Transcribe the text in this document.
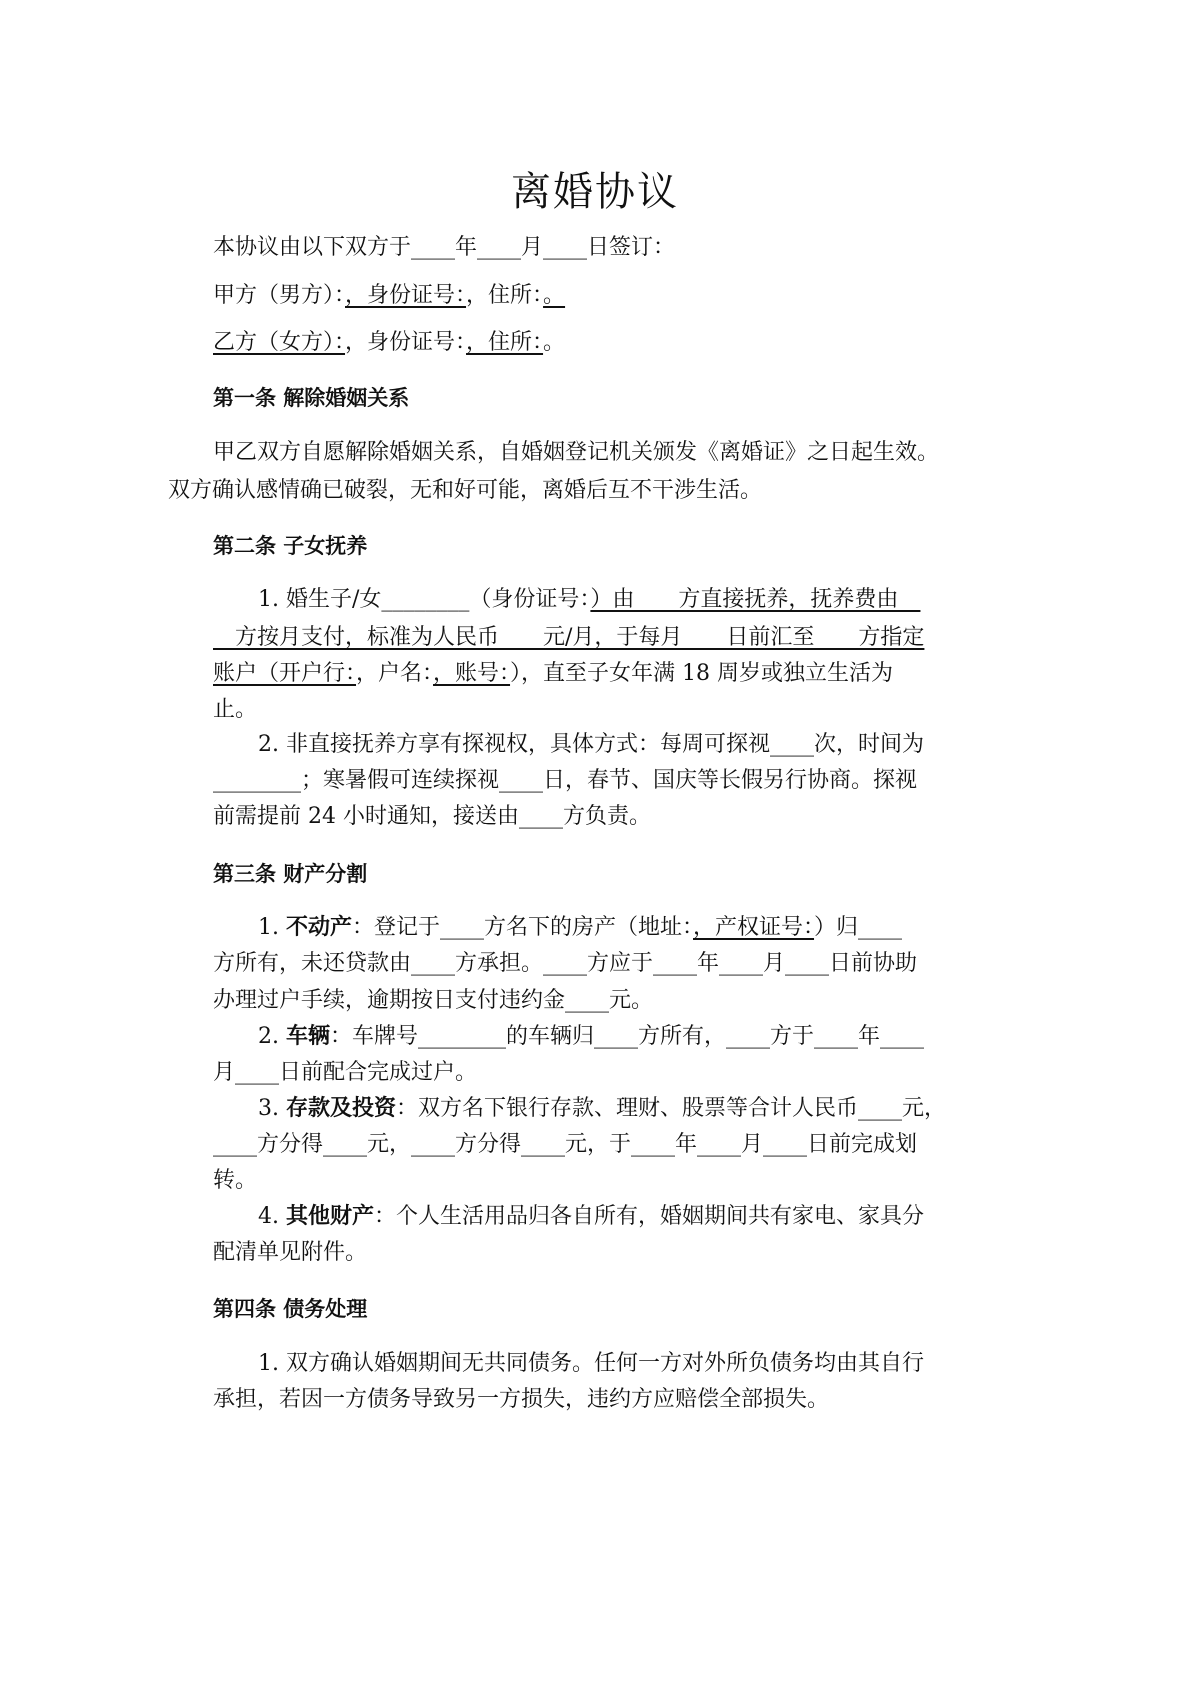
离婚协议
本协议由以下双方于____年____月____日签订：
甲方（男方）：，身份证号：，住所：。
乙方（女方）：，身份证号：，住所：。
第一条 解除婚姻关系
甲乙双方自愿解除婚姻关系，自婚姻登记机关颁发《离婚证》之日起生效。
双方确认感情确已破裂，无和好可能，离婚后互不干涉生活。
第二条 子女抚养
1. 婚生子/女________（身份证号：）由____方直接抚养，抚养费由__
__方按月支付，标准为人民币____元/月，于每月____日前汇至____方指定
账户（开户行：，户名：，账号：），直至子女年满 18 周岁或独立生活为
止。
2. 非直接抚养方享有探视权，具体方式：每周可探视____次，时间为
________；寒暑假可连续探视____日，春节、国庆等长假另行协商。探视
前需提前 24 小时通知，接送由____方负责。
第三条 财产分割
1. 不动产：登记于____方名下的房产（地址：，产权证号：）归____
方所有，未还贷款由____方承担。____方应于____年____月____日前协助
办理过户手续，逾期按日支付违约金____元。
2. 车辆：车牌号________的车辆归____方所有，____方于____年____
月____日前配合完成过户。
3. 存款及投资：双方名下银行存款、理财、股票等合计人民币____元，
____方分得____元，____方分得____元，于____年____月____日前完成划
转。
4. 其他财产：个人生活用品归各自所有，婚姻期间共有家电、家具分
配清单见附件。
第四条 债务处理
1. 双方确认婚姻期间无共同债务。任何一方对外所负债务均由其自行
承担，若因一方债务导致另一方损失，违约方应赔偿全部损失。
